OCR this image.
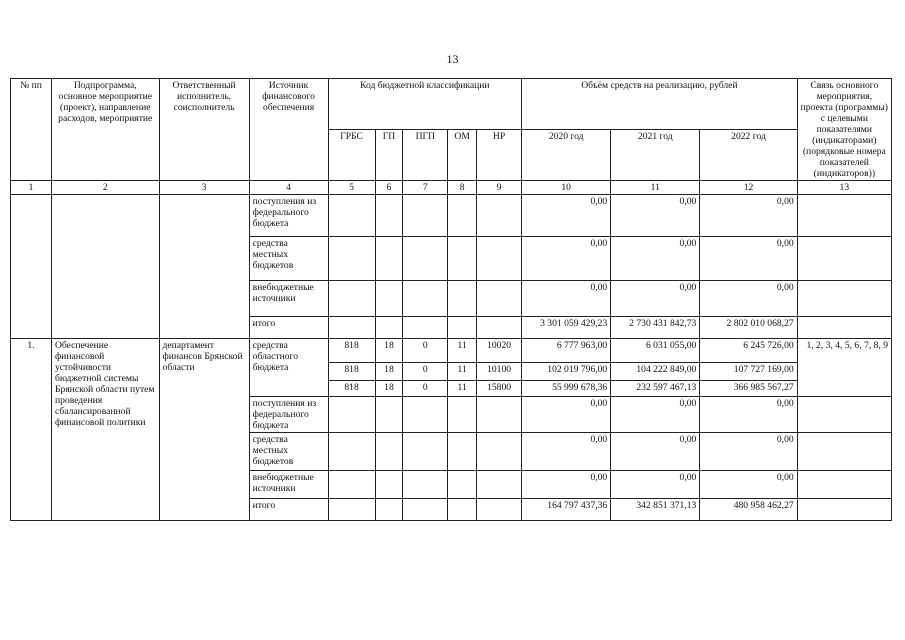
13
№ пп	Подпрограмма, основное мероприятие (проект), направление расходов, мероприятие	Ответственный исполнитель, соисполнитель	Источник финансового обеспечения	Код бюджетной классификации					Объём средств на реализацию, рублей			Связь основного мероприятия, проекта (программы) с целевыми показателями (индикаторами) (порядковые номера показателей (индикаторов))
				ГРБС	ГП	ПГП	ОМ	НР	2020 год	2021 год	2022 год	
1	2	3	4	5	6	7	8	9	10	11	12	13
			поступления из федерального бюджета						0,00	0,00	0,00	
			средства местных бюджетов						0,00	0,00	0,00	
			внебюджетные источники						0,00	0,00	0,00	
			итого						3 301 059 429,23	2 730 431 842,73	2 802 010 068,27	
1.	Обеспечение финансовой устойчивости бюджетной системы Брянской области путем проведения сбалансированной финансовой политики	департамент финансов Брянской области	средства областного бюджета	818	18	0	11	10020	6 777 963,00	6 031 055,00	6 245 726,00	1, 2, 3, 4, 5, 6, 7, 8, 9
				818	18	0	11	10100	102 019 796,00	104 222 849,00	107 727 169,00	
				818	18	0	11	15800	55 999 678,36	232 597 467,13	366 985 567,27	
			поступления из федерального бюджета						0,00	0,00	0,00	
			средства местных бюджетов						0,00	0,00	0,00	
			внебюджетные источники						0,00	0,00	0,00	
			итого						164 797 437,36	342 851 371,13	480 958 462,27	
